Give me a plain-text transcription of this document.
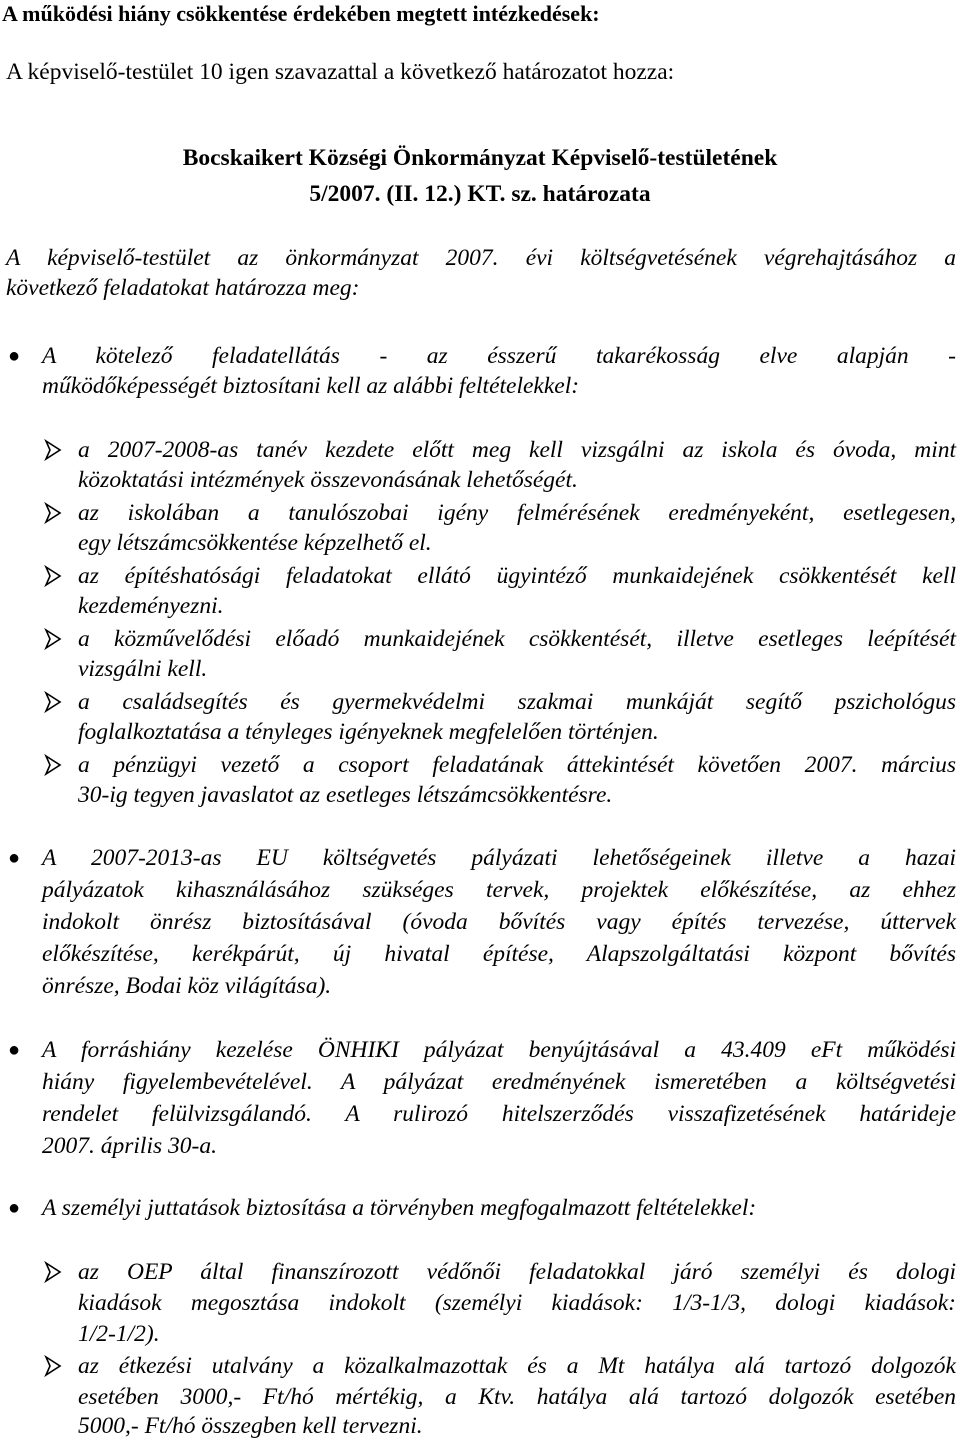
A működési hiány csökkentése érdekében megtett intézkedések:
A képviselő-testület 10 igen szavazattal a következő határozatot hozza:
Bocskaikert Községi Önkormányzat Képviselő-testületének
5/2007. (II. 12.) KT. sz. határozata
A képviselő-testület az önkormányzat 2007. évi költségvetésének végrehajtásához a
következő feladatokat határozza meg:
● A kötelező feladatellátás - az ésszerű takarékosság elve alapján -
működőképességét biztosítani kell az alábbi feltételekkel:
a 2007-2008-as tanév kezdete előtt meg kell vizsgálni az iskola és óvoda, mint
közoktatási intézmények összevonásának lehetőségét.
az iskolában a tanulószobai igény felmérésének eredményeként, esetlegesen,
egy létszámcsökkentése képzelhető el.
az építéshatósági feladatokat ellátó ügyintéző munkaidejének csökkentését kell
kezdeményezni.
a közművelődési előadó munkaidejének csökkentését, illetve esetleges leépítését
vizsgálni kell.
a családsegítés és gyermekvédelmi szakmai munkáját segítő pszichológus
foglalkoztatása a tényleges igényeknek megfelelően történjen.
a pénzügyi vezető a csoport feladatának áttekintését követően 2007. március
30-ig tegyen javaslatot az esetleges létszámcsökkentésre.
● A 2007-2013-as EU költségvetés pályázati lehetőségeinek illetve a hazai
pályázatok kihasználásához szükséges tervek, projektek előkészítése, az ehhez
indokolt önrész biztosításával (óvoda bővítés vagy építés tervezése, úttervek
előkészítése, kerékpárút, új hivatal építése, Alapszolgáltatási központ bővítés
önrésze, Bodai köz világítása).
● A forráshiány kezelése ÖNHIKI pályázat benyújtásával a 43.409 eFt működési
hiány figyelembevételével. A pályázat eredményének ismeretében a költségvetési
rendelet felülvizsgálandó. A rulirozó hitelszerződés visszafizetésének határideje
2007. április 30-a.
● A személyi juttatások biztosítása a törvényben megfogalmazott feltételekkel:
az OEP által finanszírozott védőnői feladatokkal járó személyi és dologi
kiadások megosztása indokolt (személyi kiadások: 1/3-1/3, dologi kiadások:
1/2-1/2).
az étkezési utalvány a közalkalmazottak és a Mt hatálya alá tartozó dolgozók
esetében 3000,- Ft/hó mértékig, a Ktv. hatálya alá tartozó dolgozók esetében
5000,- Ft/hó összegben kell tervezni.
